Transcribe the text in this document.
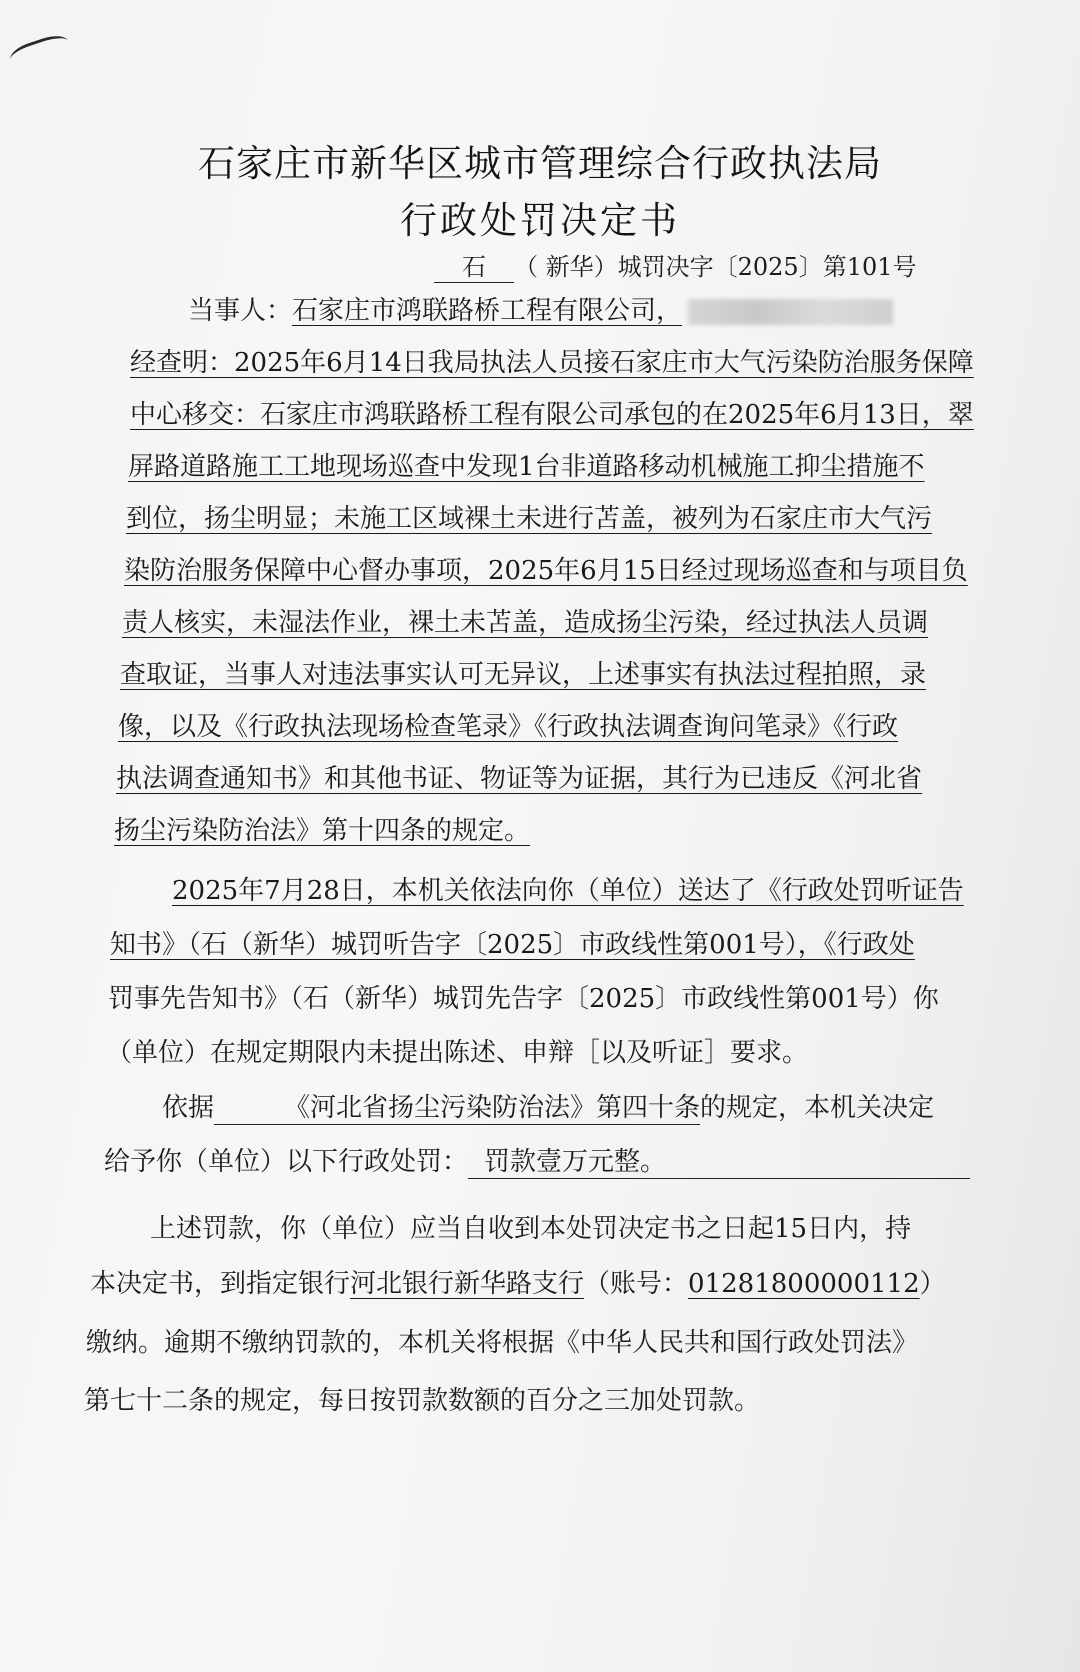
石家庄市新华区城市管理综合行政执法局
行政处罚决定书
石 （ 新华）城罚决字〔2025〕第101号
当事人：石家庄市鸿联路桥工程有限公司，
经查明：2025年6月14日我局执法人员接石家庄市大气污染防治服务保障
中心移交：石家庄市鸿联路桥工程有限公司承包的在2025年6月13日，翠
屏路道路施工工地现场巡查中发现1台非道路移动机械施工抑尘措施不
到位，扬尘明显；未施工区域裸土未进行苫盖，被列为石家庄市大气污
染防治服务保障中心督办事项，2025年6月15日经过现场巡查和与项目负
责人核实，未湿法作业，裸土未苫盖，造成扬尘污染，经过执法人员调
查取证，当事人对违法事实认可无异议，上述事实有执法过程拍照，录
像，以及《行政执法现场检查笔录》《行政执法调查询问笔录》《行政
执法调查通知书》和其他书证、物证等为证据，其行为已违反《河北省
扬尘污染防治法》第十四条的规定。
2025年7月28日，本机关依法向你（单位）送达了《行政处罚听证告
知书》（石（新华）城罚听告字〔2025〕市政线性第001号），《行政处
罚事先告知书》（石（新华）城罚先告字〔2025〕市政线性第001号）你
（单位）在规定期限内未提出陈述、申辩［以及听证］要求。
依据	《河北省扬尘污染防治法》第四十条的规定，本机关决定
给予你（单位）以下行政处罚： 罚款壹万元整。
上述罚款，你（单位）应当自收到本处罚决定书之日起15日内，持
本决定书，到指定银行河北银行新华路支行（账号：01281800000112）
缴纳。逾期不缴纳罚款的，本机关将根据《中华人民共和国行政处罚法》
第七十二条的规定，每日按罚款数额的百分之三加处罚款。
